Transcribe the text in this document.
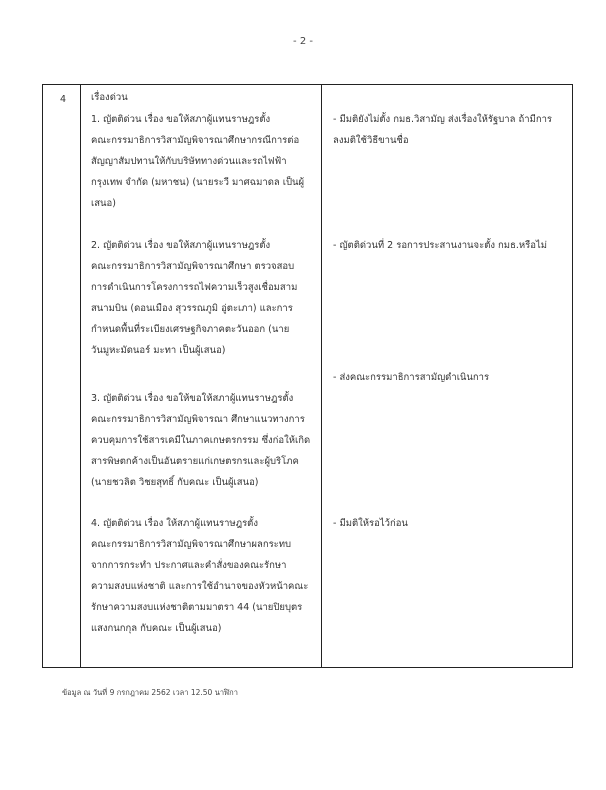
- 2 -
4	เรื่องด่วน
1. ญัตติด่วน เรื่อง ขอให้สภาผู้แทนราษฎรตั้ง
คณะกรรมาธิการวิสามัญพิจารณาศึกษากรณีการต่อ
สัญญาสัมปทานให้กับบริษัททางด่วนและรถไฟฟ้า
กรุงเทพ จำกัด (มหาชน) (นายระวี มาศฉมาดล เป็นผู้
เสนอ)
- มีมติยังไม่ตั้ง กมธ.วิสามัญ ส่งเรื่องให้รัฐบาล ถ้ามีการ
ลงมติใช้วิธีขานชื่อ
2. ญัตติด่วน เรื่อง ขอให้สภาผู้แทนราษฎรตั้ง
คณะกรรมาธิการวิสามัญพิจารณาศึกษา ตรวจสอบ
การดำเนินการโครงการรถไฟความเร็วสูงเชื่อมสาม
สนามบิน (ดอนเมือง สุวรรณภูมิ อู่ตะเภา) และการ
กำหนดพื้นที่ระเบียงเศรษฐกิจภาคตะวันออก (นาย
วันมูหะมัดนอร์ มะทา เป็นผู้เสนอ)
- ญัตติด่วนที่ 2 รอการประสานงานจะตั้ง กมธ.หรือไม่
3. ญัตติด่วน เรื่อง ขอให้ขอให้สภาผู้แทนราษฎรตั้ง
คณะกรรมาธิการวิสามัญพิจารณา ศึกษาแนวทางการ
ควบคุมการใช้สารเคมีในภาคเกษตรกรรม ซึ่งก่อให้เกิด
สารพิษตกค้างเป็นอันตรายแก่เกษตรกรและผู้บริโภค
(นายชวลิต วิชยสุทธิ์ กับคณะ เป็นผู้เสนอ)
- ส่งคณะกรรมาธิการสามัญดำเนินการ
4. ญัตติด่วน เรื่อง ให้สภาผู้แทนราษฎรตั้ง
คณะกรรมาธิการวิสามัญพิจารณาศึกษาผลกระทบ
จากการกระทำ ประกาศและคำสั่งของคณะรักษา
ความสงบแห่งชาติ และการใช้อำนาจของหัวหน้าคณะ
รักษาความสงบแห่งชาติตามมาตรา 44 (นายปิยบุตร
แสงกนกกุล กับคณะ เป็นผู้เสนอ)
- มีมติให้รอไว้ก่อน
ข้อมูล ณ วันที่ 9 กรกฎาคม 2562 เวลา 12.50 นาฬิกา
